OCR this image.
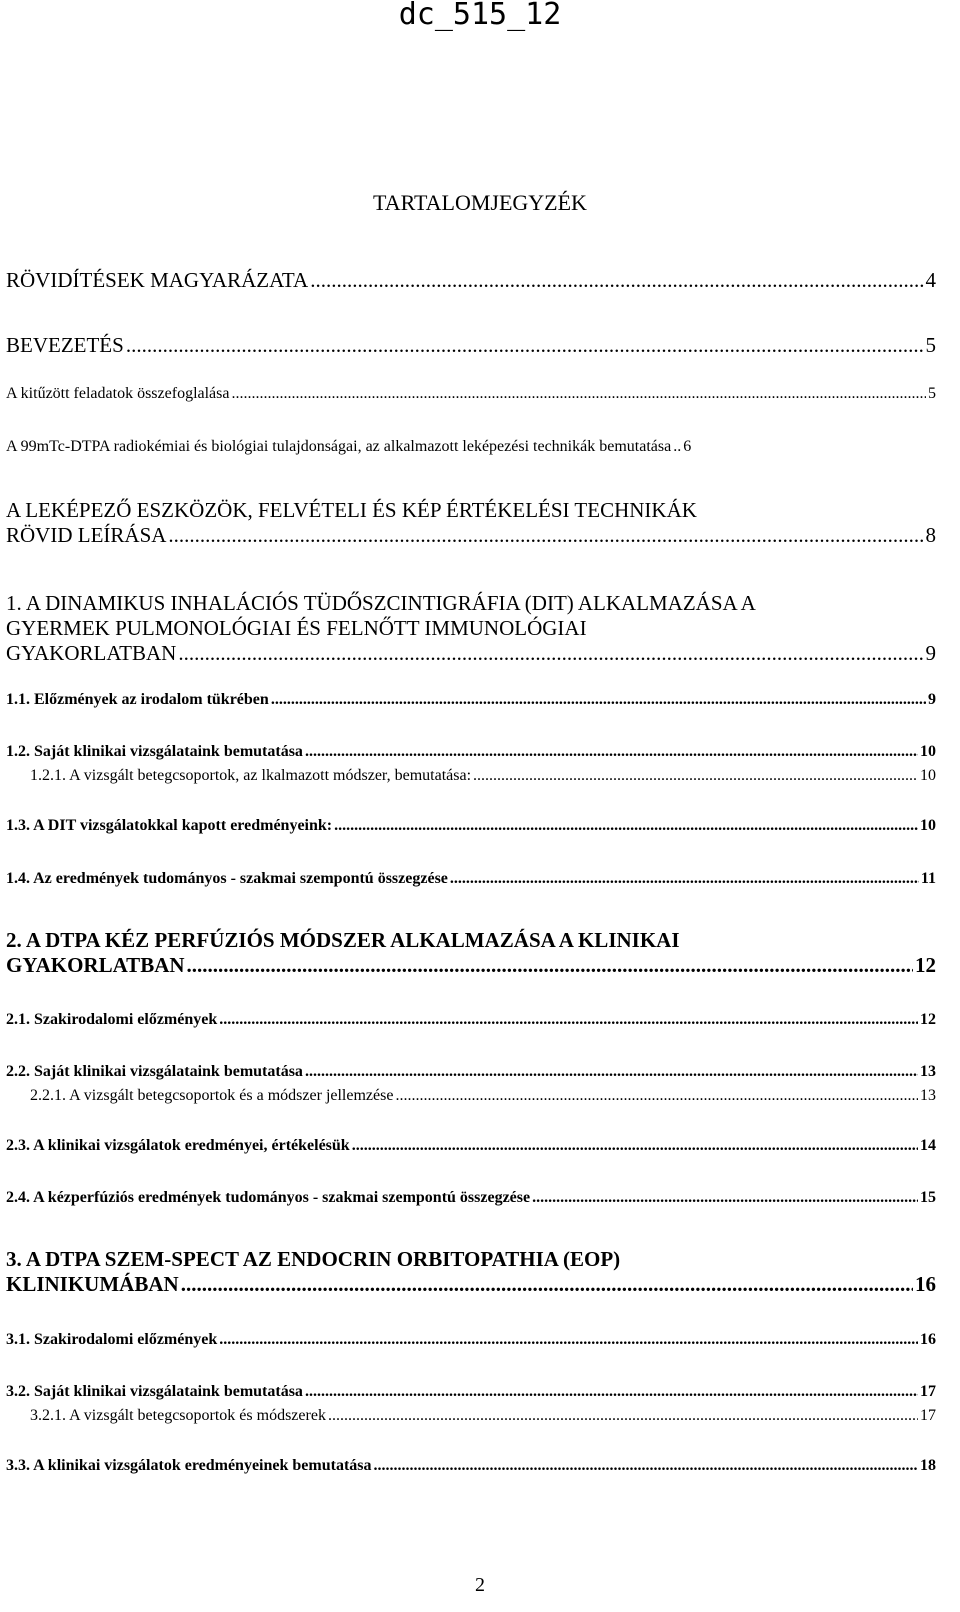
dc_515_12
TARTALOMJEGYZÉK
RÖVIDÍTÉSEK MAGYARÁZATA .....	4
BEVEZETÉS .....	5
A kitűzött feladatok összefoglalása .....	5
A 99mTc-DTPA radiokémiai és biológiai tulajdonságai, az alkalmazott leképezési technikák bemutatása ..... 6
A LEKÉPEZŐ ESZKÖZÖK, FELVÉTELI ÉS KÉP ÉRTÉKELÉSI TECHNIKÁK
RÖVID LEÍRÁSA .....	8
1. A DINAMIKUS INHALÁCIÓS TÜDŐSZCINTIGRÁFIA (DIT) ALKALMAZÁSA A
GYERMEK PULMONOLÓGIAI ÉS FELNŐTT IMMUNOLÓGIAI
GYAKORLATBAN .....	9
1.1. Előzmények az irodalom tükrében .....	9
1.2. Saját klinikai vizsgálataink bemutatása .....	10
1.2.1. A vizsgált betegcsoportok, az lkalmazott módszer, bemutatása: .....	10
1.3. A DIT vizsgálatokkal kapott eredményeink: .....	10
1.4. Az eredmények tudományos - szakmai szempontú összegzése .....	11
2. A DTPA KÉZ PERFÚZIÓS MÓDSZER ALKALMAZÁSA A KLINIKAI
GYAKORLATBAN .....	12
2.1. Szakirodalomi előzmények .....	12
2.2. Saját klinikai vizsgálataink bemutatása .....	13
2.2.1. A vizsgált betegcsoportok és a módszer jellemzése .....	13
2.3. A klinikai vizsgálatok eredményei, értékelésük .....	14
2.4. A kézperfúziós eredmények tudományos - szakmai szempontú összegzése .....	15
3. A DTPA SZEM-SPECT AZ ENDOCRIN ORBITOPATHIA (EOP)
KLINIKUMÁBAN .....	16
3.1. Szakirodalomi előzmények .....	16
3.2. Saját klinikai vizsgálataink bemutatása .....	17
3.2.1. A vizsgált betegcsoportok és módszerek .....	17
3.3. A klinikai vizsgálatok eredményeinek bemutatása .....	18
2
